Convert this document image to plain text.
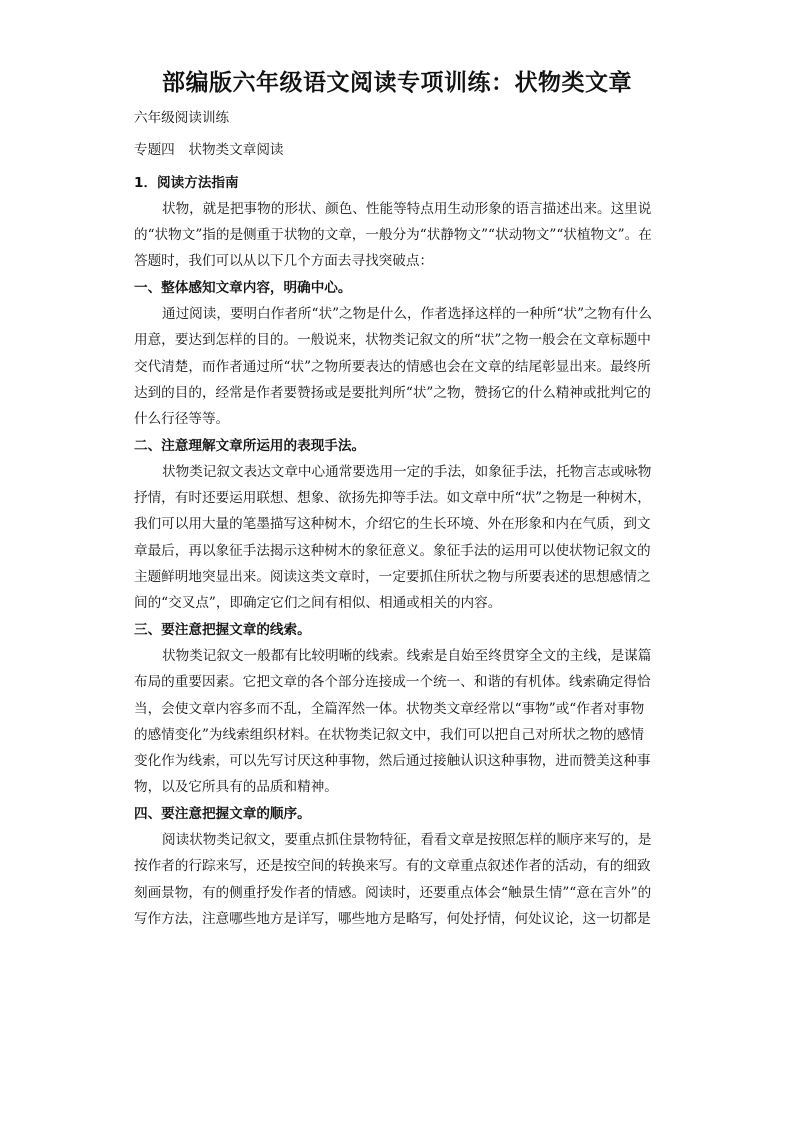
部编版六年级语文阅读专项训练：状物类文章
六年级阅读训练
专题四　状物类文章阅读
1．阅读方法指南
状物，就是把事物的形状、颜色、性能等特点用生动形象的语言描述出来。这里说
的“状物文”指的是侧重于状物的文章，一般分为“状静物文”“状动物文”“状植物文”。在
答题时，我们可以从以下几个方面去寻找突破点：
一、整体感知文章内容，明确中心。
通过阅读，要明白作者所“状”之物是什么，作者选择这样的一种所“状”之物有什么
用意，要达到怎样的目的。一般说来，状物类记叙文的所“状”之物一般会在文章标题中
交代清楚，而作者通过所“状”之物所要表达的情感也会在文章的结尾彰显出来。最终所
达到的目的，经常是作者要赞扬或是要批判所“状”之物，赞扬它的什么精神或批判它的
什么行径等等。
二、注意理解文章所运用的表现手法。
状物类记叙文表达文章中心通常要选用一定的手法，如象征手法，托物言志或咏物
抒情，有时还要运用联想、想象、欲扬先抑等手法。如文章中所“状”之物是一种树木，
我们可以用大量的笔墨描写这种树木，介绍它的生长环境、外在形象和内在气质，到文
章最后，再以象征手法揭示这种树木的象征意义。象征手法的运用可以使状物记叙文的
主题鲜明地突显出来。阅读这类文章时，一定要抓住所状之物与所要表述的思想感情之
间的“交叉点”，即确定它们之间有相似、相通或相关的内容。
三、要注意把握文章的线索。
状物类记叙文一般都有比较明晰的线索。线索是自始至终贯穿全文的主线，是谋篇
布局的重要因素。它把文章的各个部分连接成一个统一、和谐的有机体。线索确定得恰
当，会使文章内容多而不乱，全篇浑然一体。状物类文章经常以“事物”或“作者对事物
的感情变化”为线索组织材料。在状物类记叙文中，我们可以把自己对所状之物的感情
变化作为线索，可以先写讨厌这种事物，然后通过接触认识这种事物，进而赞美这种事
物，以及它所具有的品质和精神。
四、要注意把握文章的顺序。
阅读状物类记叙文，要重点抓住景物特征，看看文章是按照怎样的顺序来写的，是
按作者的行踪来写，还是按空间的转换来写。有的文章重点叙述作者的活动，有的细致
刻画景物，有的侧重抒发作者的情感。阅读时，还要重点体会“触景生情”“意在言外”的
写作方法，注意哪些地方是详写，哪些地方是略写，何处抒情，何处议论，这一切都是
